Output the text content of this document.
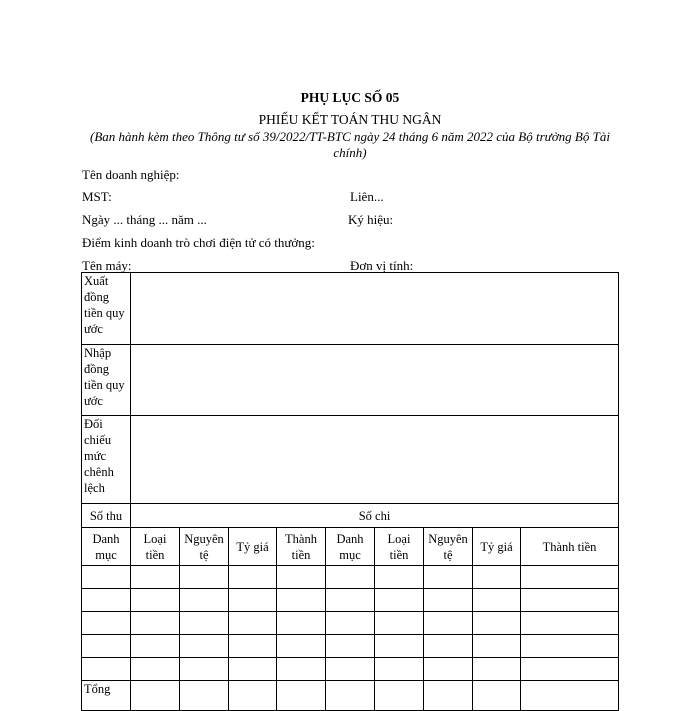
PHỤ LỤC SỐ 05
PHIẾU KẾT TOÁN THU NGÂN
(Ban hành kèm theo Thông tư số 39/2022/TT-BTC ngày 24 tháng 6 năm 2022 của Bộ trưởng Bộ Tài chính)
Tên doanh nghiệp:
MST:	Liên...
Ngày ... tháng ... năm ...	Ký hiệu:
Điểm kinh doanh trò chơi điện tử có thưởng:
Tên máy:	Đơn vị tính:
Xuất đồng tiền quy ước									
Nhập đồng tiền quy ước									
Đối chiếu mức chênh lệch									
Số thu	Số chi								
Danh mục	Loại tiền	Nguyên tệ	Tỷ giá	Thành tiền	Danh mục	Loại tiền	Nguyên tệ	Tỷ giá	Thành tiền

Tổng									
